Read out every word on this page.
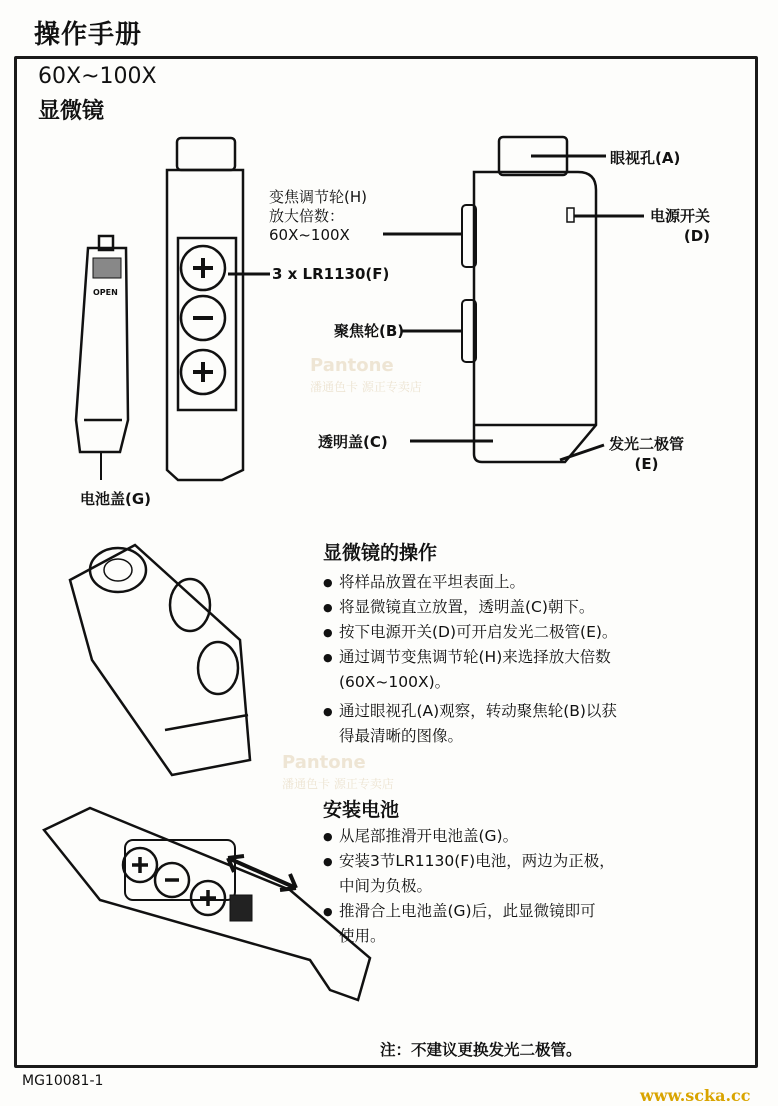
操作手册
60X~100X
显微镜
变焦调节轮(H)
放大倍数：
60X~100X
3 x LR1130(F)
眼视孔(A)
电源开关
(D)
聚焦轮(B)
透明盖(C)	发光二极管
(E)
电池盖(G)
OPEN
Pantone
潘通色卡 源正专卖店
Pantone
潘通色卡 源正专卖店
显微镜的操作
● 将样品放置在平坦表面上。
● 将显微镜直立放置，透明盖(C)朝下。
● 按下电源开关(D)可开启发光二极管(E)。
● 通过调节变焦调节轮(H)来选择放大倍数
(60X~100X)。
● 通过眼视孔(A)观察，转动聚焦轮(B)以获
得最清晰的图像。
安装电池
● 从尾部推滑开电池盖(G)。
● 安装3节LR1130(F)电池，两边为正极，
中间为负极。
● 推滑合上电池盖(G)后，此显微镜即可
使用。
注：不建议更换发光二极管。
MG10081-1
www.scka.cc
